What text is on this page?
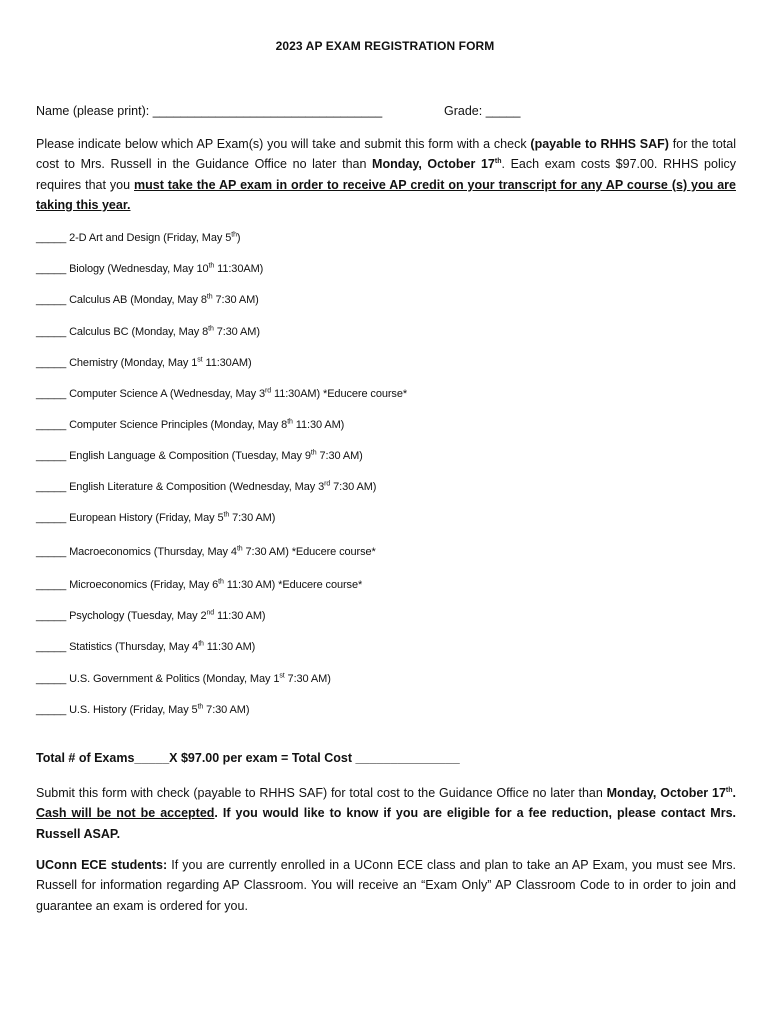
2023 AP EXAM REGISTRATION FORM
Name (please print): _________________________________	Grade: _____
Please indicate below which AP Exam(s) you will take and submit this form with a check (payable to RHHS SAF) for the total cost to Mrs. Russell in the Guidance Office no later than Monday, October 17th. Each exam costs $97.00. RHHS policy requires that you must take the AP exam in order to receive AP credit on your transcript for any AP course (s) you are taking this year.
_____ 2-D Art and Design (Friday, May 5th)
_____ Biology (Wednesday, May 10th 11:30AM)
_____ Calculus AB (Monday, May 8th 7:30 AM)
_____ Calculus BC (Monday, May 8th 7:30 AM)
_____ Chemistry (Monday, May 1st 11:30AM)
_____ Computer Science A (Wednesday, May 3rd 11:30AM) *Educere course*
_____ Computer Science Principles (Monday, May 8th 11:30 AM)
_____ English Language & Composition (Tuesday, May 9th 7:30 AM)
_____ English Literature & Composition (Wednesday, May 3rd 7:30 AM)
_____ European History (Friday, May 5th 7:30 AM)
_____ Macroeconomics (Thursday, May 4th 7:30 AM) *Educere course*
_____ Microeconomics (Friday, May 6th 11:30 AM) *Educere course*
_____ Psychology (Tuesday, May 2nd 11:30 AM)
_____ Statistics (Thursday, May 4th 11:30 AM)
_____ U.S. Government & Politics (Monday, May 1st 7:30 AM)
_____ U.S. History (Friday, May 5th 7:30 AM)
Total # of Exams_____X $97.00 per exam = Total Cost _______________
Submit this form with check (payable to RHHS SAF) for total cost to the Guidance Office no later than Monday, October 17th. Cash will be not be accepted. If you would like to know if you are eligible for a fee reduction, please contact Mrs. Russell ASAP.
UConn ECE students: If you are currently enrolled in a UConn ECE class and plan to take an AP Exam, you must see Mrs. Russell for information regarding AP Classroom. You will receive an “Exam Only” AP Classroom Code to in order to join and guarantee an exam is ordered for you.
